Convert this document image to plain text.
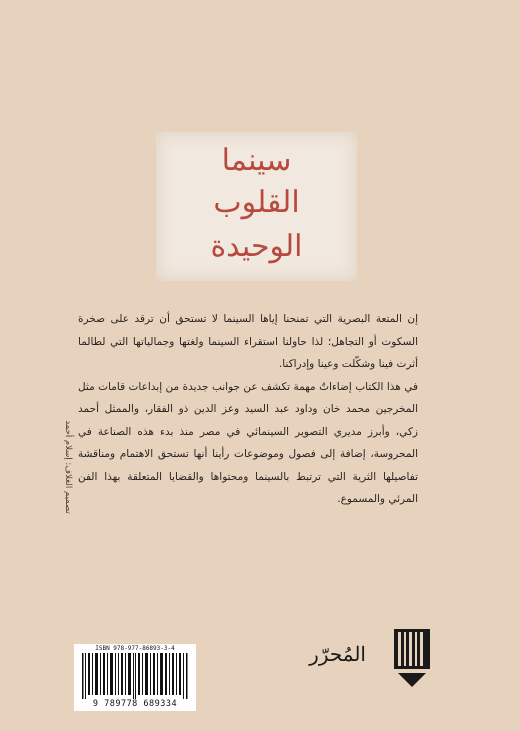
سينما
القلوب
الوحيدة

إن المتعة البصرية التي تمنحنا إياها السينما لا تستحق أن ترقد على صخرة السكوت أو التجاهل؛ لذا حاولنا استقراء السينما ولغتها وجمالياتها التي لطالما أثرت فينا وشكّلت وعينا وإدراكنا.

في هذا الكتاب إضاءاتٌ مهمة تكشف عن جوانب جديدة من إبداعات قامات مثل المخرجين محمد خان وداود عبد السيد وعز الدين ذو الفقار، والممثل أحمد زكي، وأبرز مديري التصوير السينمائي في مصر منذ بدء هذه الصناعة في المحروسة، إضافة إلى فصول وموضوعات رأينا أنها تستحق الاهتمام ومناقشة تفاصيلها الثرية التي ترتبط بالسينما ومحتواها والقضايا المتعلقة بهذا الفن المرئي والمسموع.

تصميم الغلاف: إسلام أحمد
المُحرّر
ISBN 978-977-86893-3-4
9 789778 689334
